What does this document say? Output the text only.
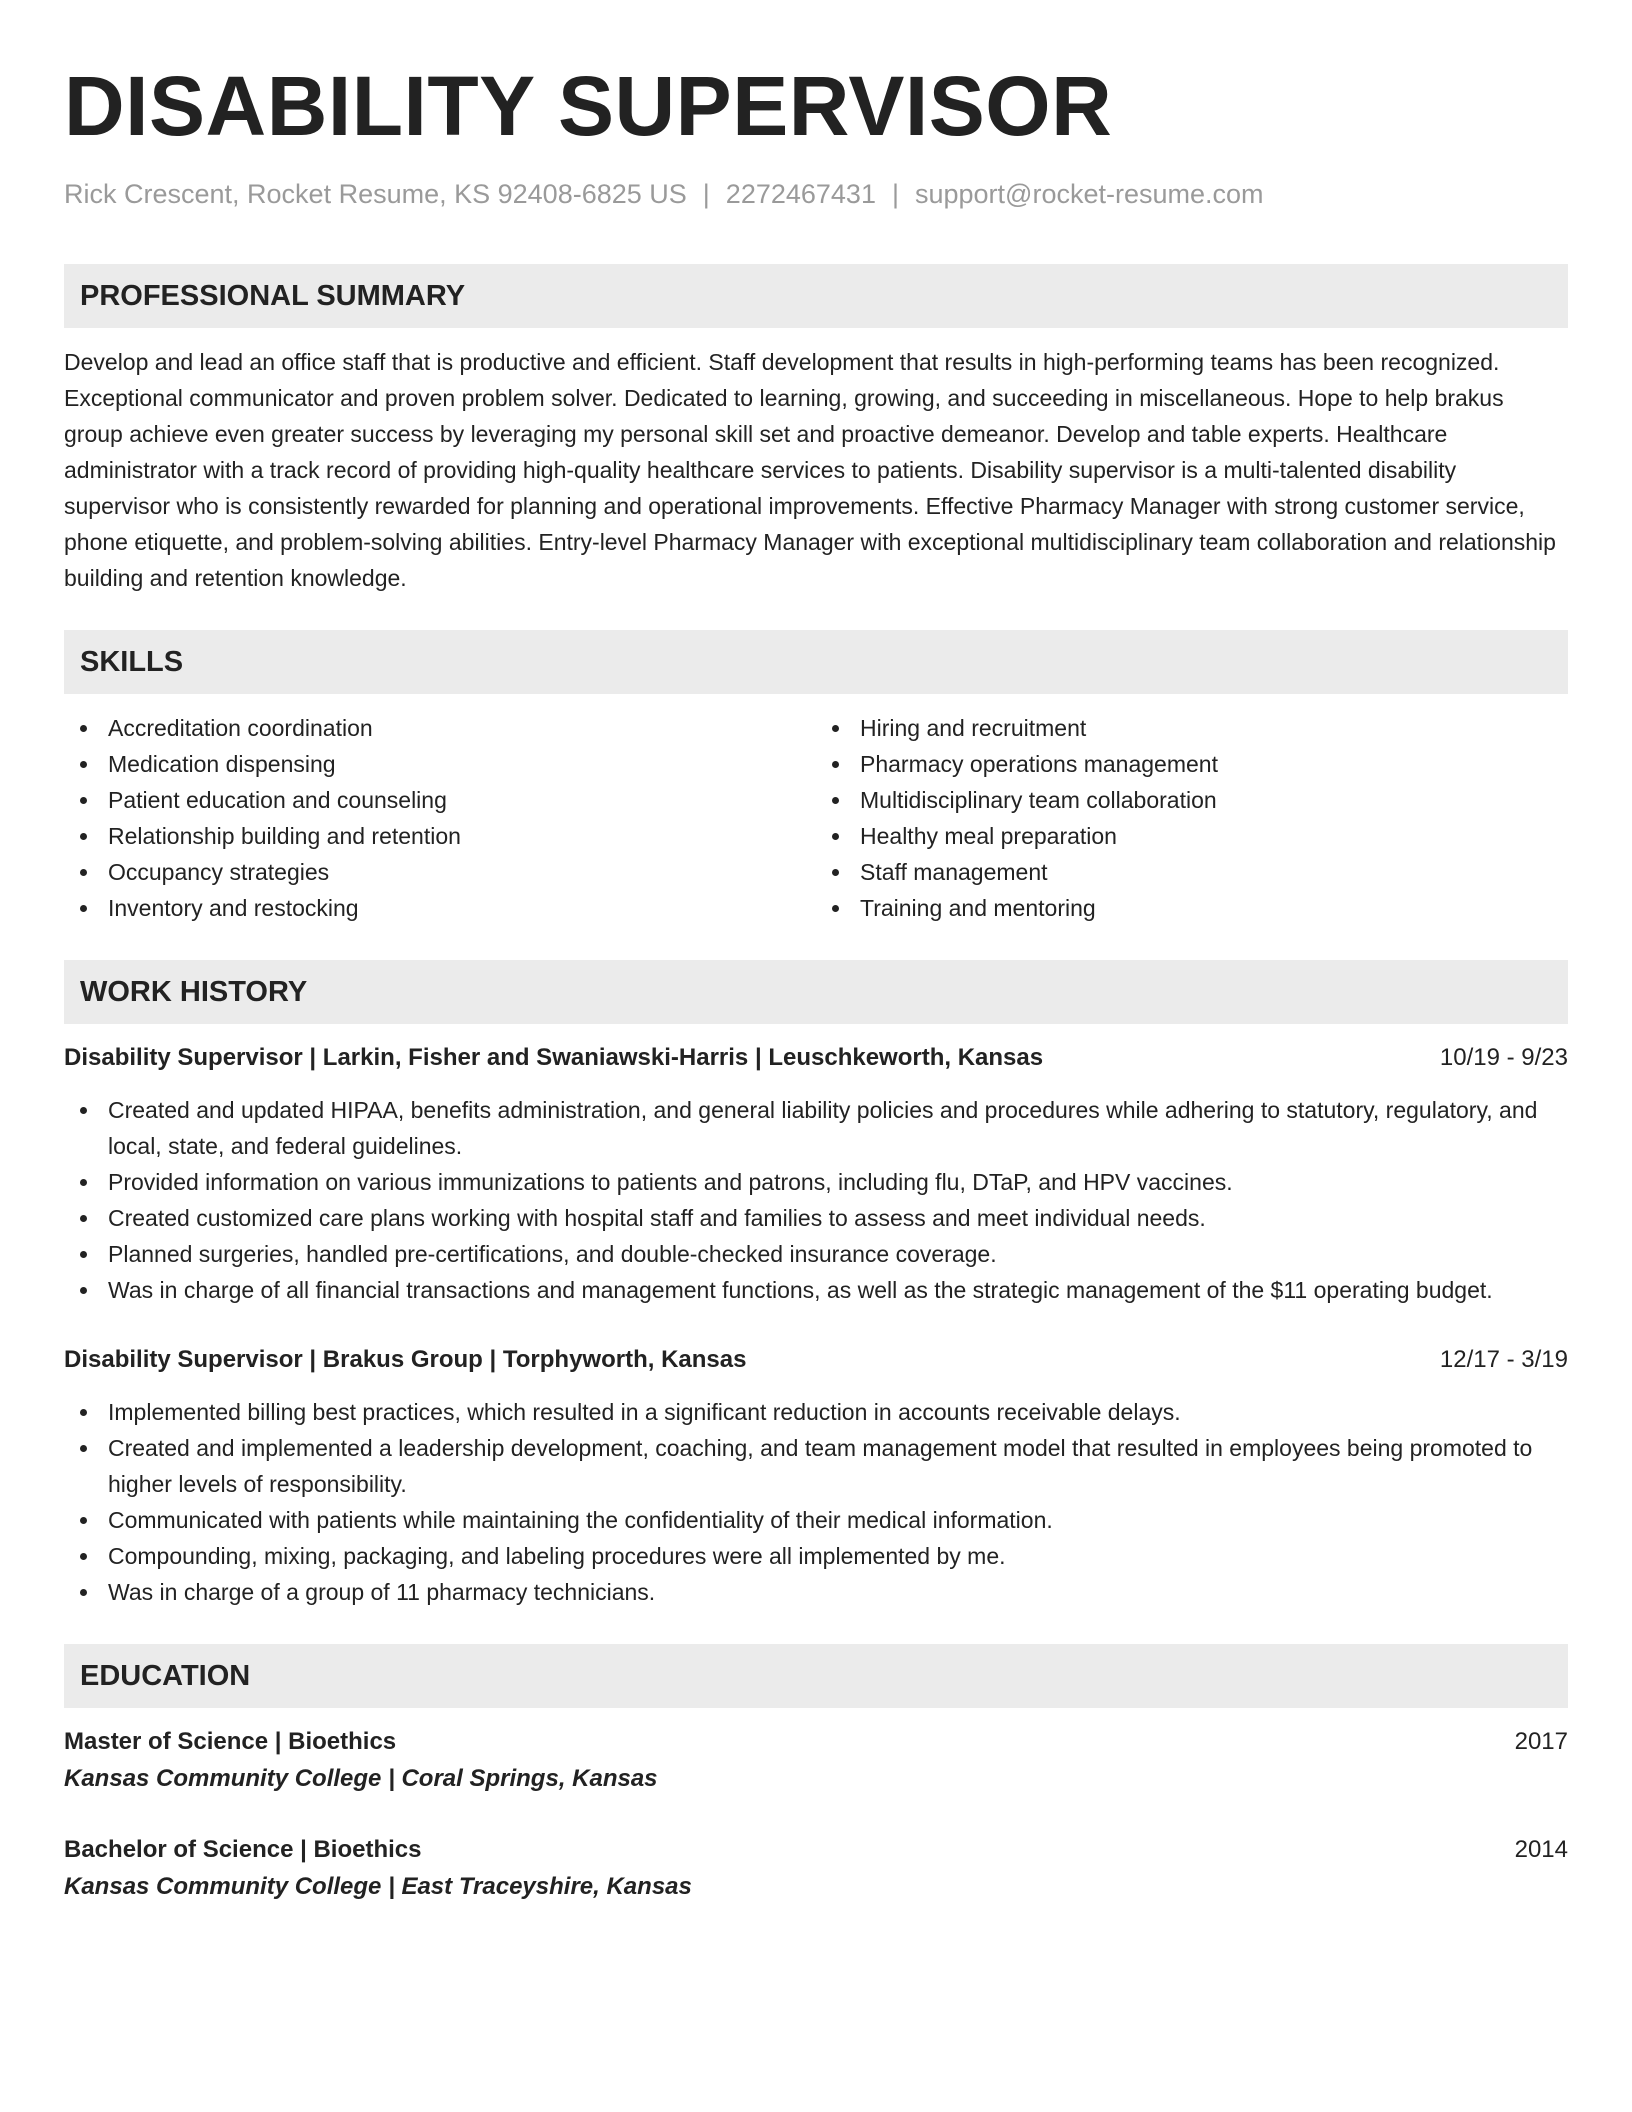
DISABILITY SUPERVISOR
Rick Crescent, Rocket Resume, KS 92408-6825 US | 2272467431 | support@rocket-resume.com
PROFESSIONAL SUMMARY
Develop and lead an office staff that is productive and efficient. Staff development that results in high-performing teams has been recognized. Exceptional communicator and proven problem solver. Dedicated to learning, growing, and succeeding in miscellaneous. Hope to help brakus group achieve even greater success by leveraging my personal skill set and proactive demeanor. Develop and table experts. Healthcare administrator with a track record of providing high-quality healthcare services to patients. Disability supervisor is a multi-talented disability supervisor who is consistently rewarded for planning and operational improvements. Effective Pharmacy Manager with strong customer service, phone etiquette, and problem-solving abilities. Entry-level Pharmacy Manager with exceptional multidisciplinary team collaboration and relationship building and retention knowledge.
SKILLS
Accreditation coordination
Medication dispensing
Patient education and counseling
Relationship building and retention
Occupancy strategies
Inventory and restocking
Hiring and recruitment
Pharmacy operations management
Multidisciplinary team collaboration
Healthy meal preparation
Staff management
Training and mentoring
WORK HISTORY
Disability Supervisor | Larkin, Fisher and Swaniawski-Harris | Leuschkeworth, Kansas	10/19 - 9/23
Created and updated HIPAA, benefits administration, and general liability policies and procedures while adhering to statutory, regulatory, and local, state, and federal guidelines.
Provided information on various immunizations to patients and patrons, including flu, DTaP, and HPV vaccines.
Created customized care plans working with hospital staff and families to assess and meet individual needs.
Planned surgeries, handled pre-certifications, and double-checked insurance coverage.
Was in charge of all financial transactions and management functions, as well as the strategic management of the $11 operating budget.
Disability Supervisor | Brakus Group | Torphyworth, Kansas	12/17 - 3/19
Implemented billing best practices, which resulted in a significant reduction in accounts receivable delays.
Created and implemented a leadership development, coaching, and team management model that resulted in employees being promoted to higher levels of responsibility.
Communicated with patients while maintaining the confidentiality of their medical information.
Compounding, mixing, packaging, and labeling procedures were all implemented by me.
Was in charge of a group of 11 pharmacy technicians.
EDUCATION
Master of Science | Bioethics	2017
Kansas Community College | Coral Springs, Kansas
Bachelor of Science | Bioethics	2014
Kansas Community College | East Traceyshire, Kansas
